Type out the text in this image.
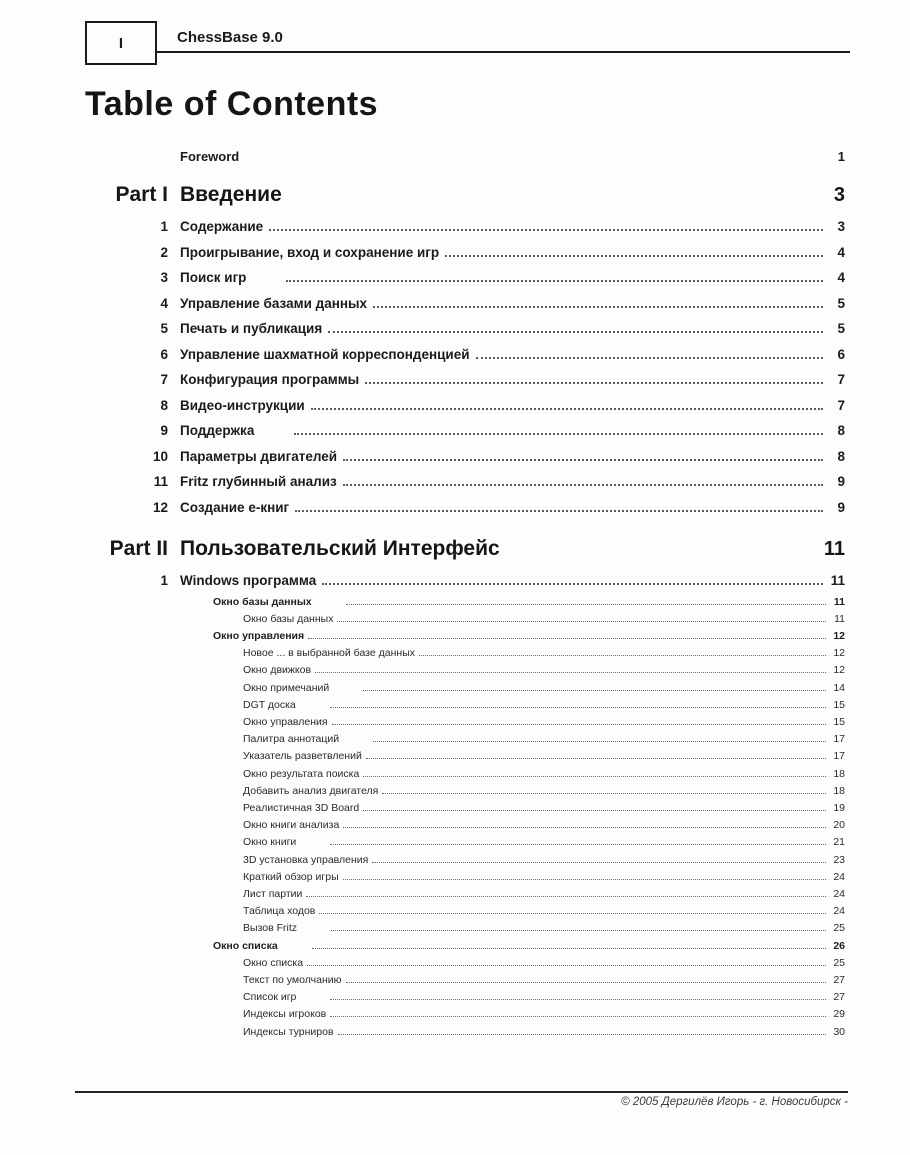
I	ChessBase 9.0
Table of Contents
Foreword	1
Part I Введение	3
1 Содержание	3
2 Проигрывание, вход и сохранение игр	4
3 Поиск игр	4
4 Управление базами данных	5
5 Печать и публикация	5
6 Управление шахматной корреспонденцией	6
7 Конфигурация программы	7
8 Видео-инструкции	7
9 Поддержка	8
10 Параметры двигателей	8
11 Fritz глубинный анализ	9
12 Создание е-книг	9
Part II Пользовательский Интерфейс	11
1 Windows программа	11
Окно базы данных	11
Окно базы данных	11
Окно управления	12
Новое ... в выбранной базе данных	12
Окно движков	12
Окно примечаний	14
DGT доска	15
Окно управления	15
Палитра аннотаций	17
Указатель разветвлений	17
Окно результата поиска	18
Добавить анализ двигателя	18
Реалистичная 3D Board	19
Окно книги анализа	20
Окно книги	21
3D установка управления	23
Краткий обзор игры	24
Лист партии	24
Таблица ходов	24
Вызов Fritz	25
Окно списка	26
Окно списка	25
Текст по умолчанию	27
Список игр	27
Индексы игроков	29
Индексы турниров	30
© 2005 Дергилёв Игорь - г. Новосибирск -
